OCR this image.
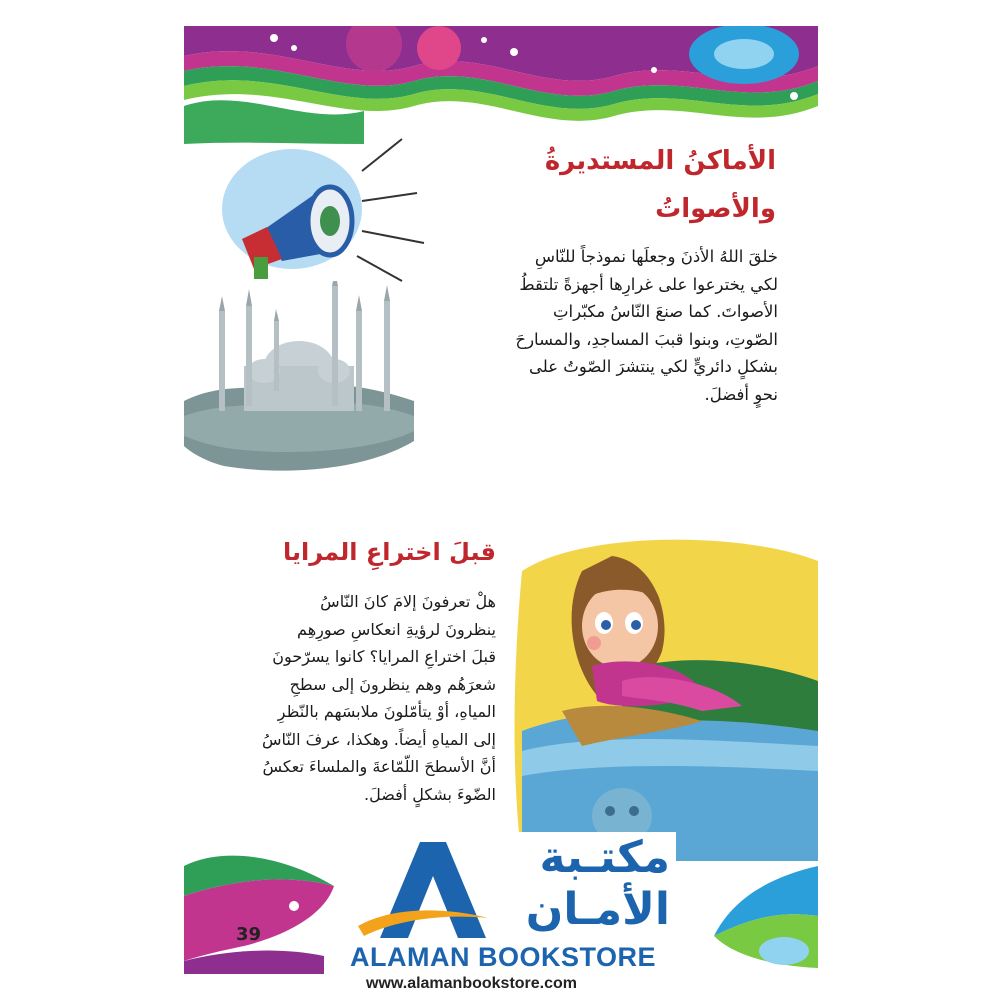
الأماكنُ المستديرةُ
والأصواتُ
خلقَ اللهُ الأذنَ وجعلَها نموذجاً للنّاسِ
لكي يخترعوا على غرارِها أجهزةً تلتقطُ
الأصواتَ. كما صنعَ النّاسُ مكبّراتِ
الصّوتِ، وبنوا قببَ المساجدِ، والمسارحَ
بشكلٍ دائريٍّ لكي ينتشرَ الصّوتُ على
نحوٍ أفضلَ.
قبلَ اختراعِ المرايا
هلْ تعرفونَ إلامَ كانَ النّاسُ
ينظرونَ لرؤيةِ انعكاسِ صورِهِم
قبلَ اختراعِ المرايا؟ كانوا يسرّحونَ
شعرَهُم وهم ينظرونَ إلى سطحِ
المياهِ، أوْ يتأمّلونَ ملابسَهم بالنّظرِ
إلى المياهِ أيضاً. وهكذا، عرفَ النّاسُ
أنَّ الأسطحَ اللّمّاعةَ والملساءَ تعكسُ
الضّوءَ بشكلٍ أفضلَ.
39
مكتـبة
الأمـان
ALAMAN BOOKSTORE
www.alamanbookstore.com
